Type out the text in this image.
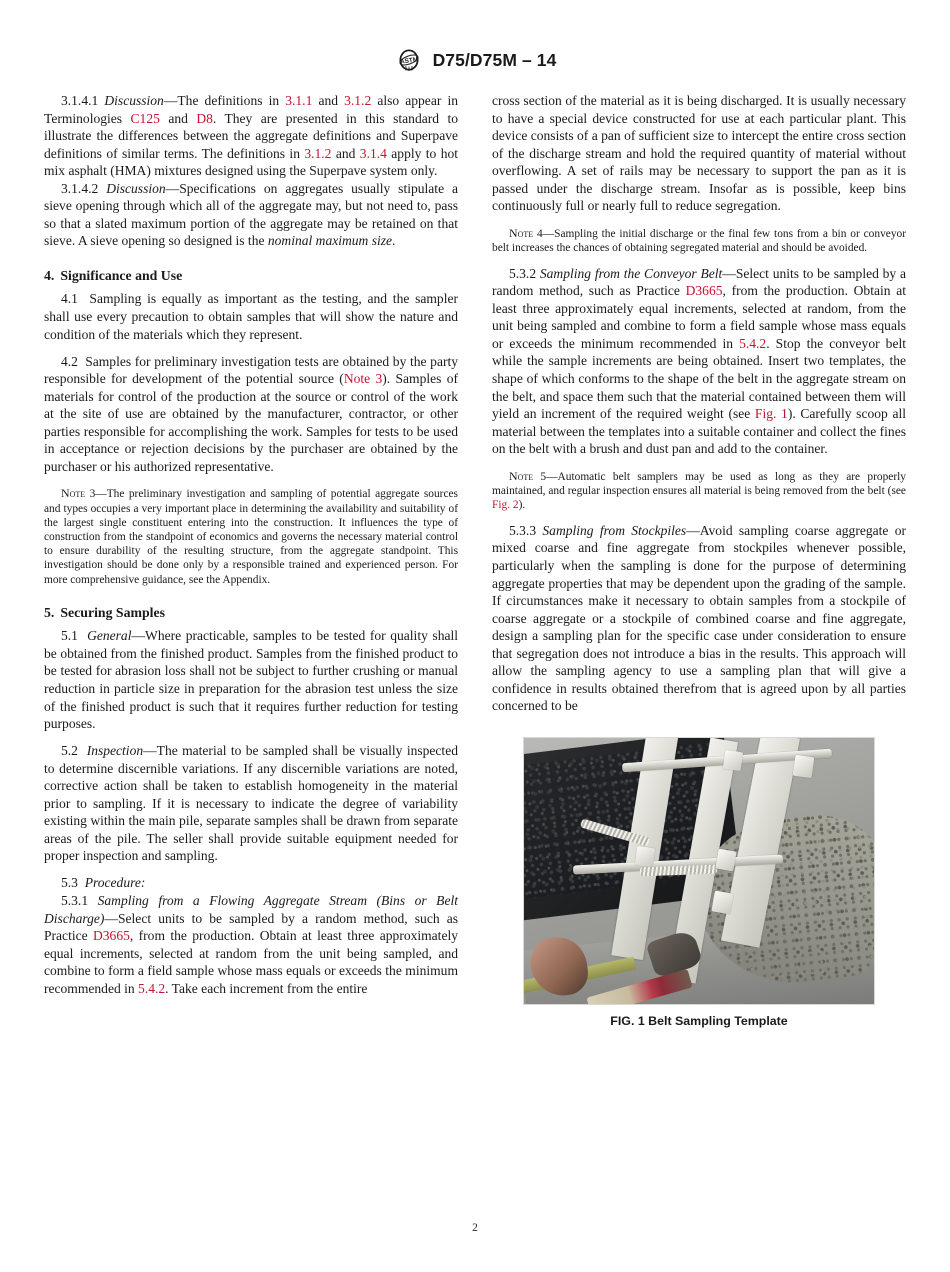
ASTM D75/D75M – 14

3.1.4.1 Discussion—The definitions in 3.1.1 and 3.1.2 also appear in Terminologies C125 and D8. They are presented in this standard to illustrate the differences between the aggregate definitions and Superpave definitions of similar terms. The definitions in 3.1.2 and 3.1.4 apply to hot mix asphalt (HMA) mixtures designed using the Superpave system only.

3.1.4.2 Discussion—Specifications on aggregates usually stipulate a sieve opening through which all of the aggregate may, but not need to, pass so that a slated maximum portion of the aggregate may be retained on that sieve. A sieve opening so designed is the nominal maximum size.

4. Significance and Use

4.1 Sampling is equally as important as the testing, and the sampler shall use every precaution to obtain samples that will show the nature and condition of the materials which they represent.

4.2 Samples for preliminary investigation tests are obtained by the party responsible for development of the potential source (Note 3). Samples of materials for control of the production at the source or control of the work at the site of use are obtained by the manufacturer, contractor, or other parties responsible for accomplishing the work. Samples for tests to be used in acceptance or rejection decisions by the purchaser are obtained by the purchaser or his authorized representative.

Note 3—The preliminary investigation and sampling of potential aggregate sources and types occupies a very important place in determining the availability and suitability of the largest single constituent entering into the construction. It influences the type of construction from the standpoint of economics and governs the necessary material control to ensure durability of the resulting structure, from the aggregate standpoint. This investigation should be done only by a responsible trained and experienced person. For more comprehensive guidance, see the Appendix.

5. Securing Samples

5.1 General—Where practicable, samples to be tested for quality shall be obtained from the finished product. Samples from the finished product to be tested for abrasion loss shall not be subject to further crushing or manual reduction in particle size in preparation for the abrasion test unless the size of the finished product is such that it requires further reduction for testing purposes.

5.2 Inspection—The material to be sampled shall be visually inspected to determine discernible variations. If any discernible variations are noted, corrective action shall be taken to establish homogeneity in the material prior to sampling. If it is necessary to indicate the degree of variability existing within the main pile, separate samples shall be drawn from separate areas of the pile. The seller shall provide suitable equipment needed for proper inspection and sampling.

5.3 Procedure:

5.3.1 Sampling from a Flowing Aggregate Stream (Bins or Belt Discharge)—Select units to be sampled by a random method, such as Practice D3665, from the production. Obtain at least three approximately equal increments, selected at random from the unit being sampled, and combine to form a field sample whose mass equals or exceeds the minimum recommended in 5.4.2. Take each increment from the entire

cross section of the material as it is being discharged. It is usually necessary to have a special device constructed for use at each particular plant. This device consists of a pan of sufficient size to intercept the entire cross section of the discharge stream and hold the required quantity of material without overflowing. A set of rails may be necessary to support the pan as it is passed under the discharge stream. Insofar as is possible, keep bins continuously full or nearly full to reduce segregation.

Note 4—Sampling the initial discharge or the final few tons from a bin or conveyor belt increases the chances of obtaining segregated material and should be avoided.

5.3.2 Sampling from the Conveyor Belt—Select units to be sampled by a random method, such as Practice D3665, from the production. Obtain at least three approximately equal increments, selected at random, from the unit being sampled and combine to form a field sample whose mass equals or exceeds the minimum recommended in 5.4.2. Stop the conveyor belt while the sample increments are being obtained. Insert two templates, the shape of which conforms to the shape of the belt in the aggregate stream on the belt, and space them such that the material contained between them will yield an increment of the required weight (see Fig. 1). Carefully scoop all material between the templates into a suitable container and collect the fines on the belt with a brush and dust pan and add to the container.

Note 5—Automatic belt samplers may be used as long as they are properly maintained, and regular inspection ensures all material is being removed from the belt (see Fig. 2).

5.3.3 Sampling from Stockpiles—Avoid sampling coarse aggregate or mixed coarse and fine aggregate from stockpiles whenever possible, particularly when the sampling is done for the purpose of determining aggregate properties that may be dependent upon the grading of the sample. If circumstances make it necessary to obtain samples from a stockpile of coarse aggregate or a stockpile of combined coarse and fine aggregate, design a sampling plan for the specific case under consideration to ensure that segregation does not introduce a bias in the results. This approach will allow the sampling agency to use a sampling plan that will give a confidence in results obtained therefrom that is agreed upon by all parties concerned to be

FIG. 1 Belt Sampling Template
2
